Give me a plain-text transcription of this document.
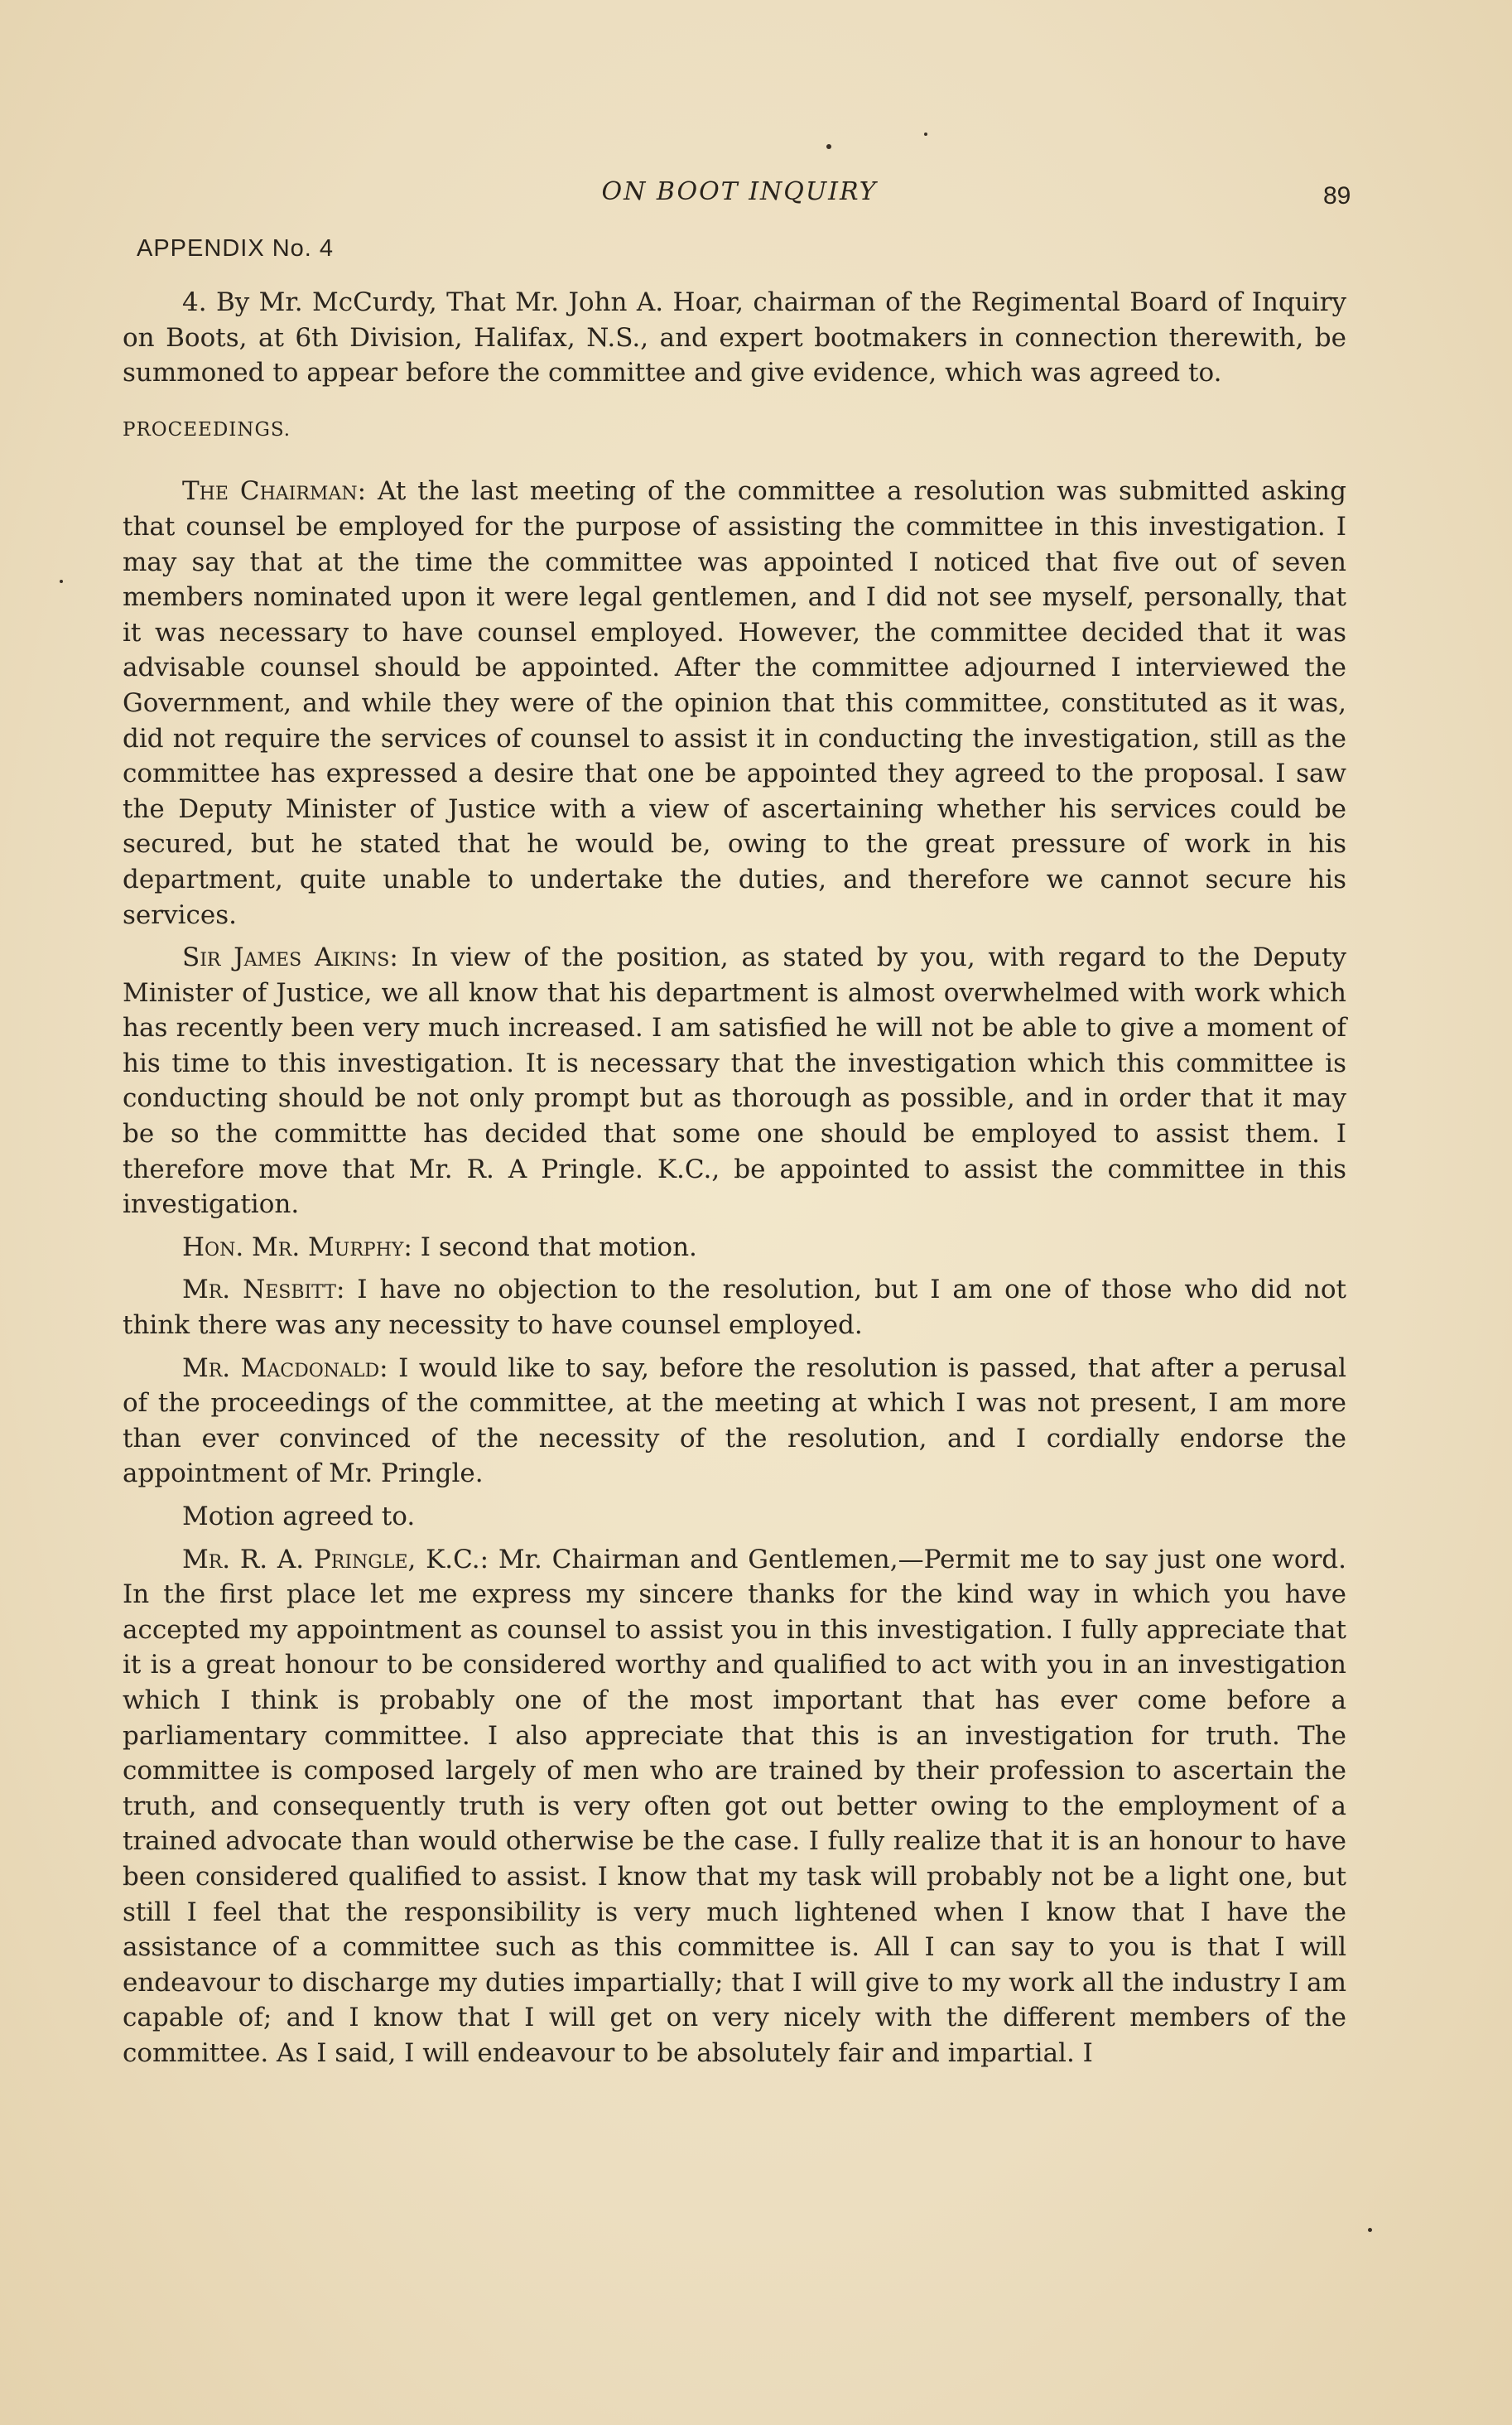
ON BOOT INQUIRY	89
APPENDIX No. 4

4. By Mr. McCurdy, That Mr. John A. Hoar, chairman of the Regimental Board of Inquiry on Boots, at 6th Division, Halifax, N.S., and expert bootmakers in connection therewith, be summoned to appear before the committee and give evidence, which was agreed to.

PROCEEDINGS.

The Chairman: At the last meeting of the committee a resolution was submitted asking that counsel be employed for the purpose of assisting the committee in this investigation. I may say that at the time the committee was appointed I noticed that five out of seven members nominated upon it were legal gentlemen, and I did not see myself, personally, that it was necessary to have counsel employed. However, the committee decided that it was advisable counsel should be appointed. After the committee adjourned I interviewed the Government, and while they were of the opinion that this committee, constituted as it was, did not require the services of counsel to assist it in conducting the investigation, still as the committee has expressed a desire that one be appointed they agreed to the proposal. I saw the Deputy Minister of Justice with a view of ascertaining whether his services could be secured, but he stated that he would be, owing to the great pressure of work in his department, quite unable to undertake the duties, and therefore we cannot secure his services.

Sir James Aikins: In view of the position, as stated by you, with regard to the Deputy Minister of Justice, we all know that his department is almost overwhelmed with work which has recently been very much increased. I am satisfied he will not be able to give a moment of his time to this investigation. It is necessary that the investigation which this committee is conducting should be not only prompt but as thorough as possible, and in order that it may be so the committte has decided that some one should be employed to assist them. I therefore move that Mr. R. A Pringle. K.C., be appointed to assist the committee in this investigation.

Hon. Mr. Murphy: I second that motion.

Mr. Nesbitt: I have no objection to the resolution, but I am one of those who did not think there was any necessity to have counsel employed.

Mr. Macdonald: I would like to say, before the resolution is passed, that after a perusal of the proceedings of the committee, at the meeting at which I was not present, I am more than ever convinced of the necessity of the resolution, and I cordially endorse the appointment of Mr. Pringle.

Motion agreed to.

Mr. R. A. Pringle, K.C.: Mr. Chairman and Gentlemen,—Permit me to say just one word. In the first place let me express my sincere thanks for the kind way in which you have accepted my appointment as counsel to assist you in this investigation. I fully appreciate that it is a great honour to be considered worthy and qualified to act with you in an investigation which I think is probably one of the most important that has ever come before a parliamentary committee. I also appreciate that this is an investigation for truth. The committee is composed largely of men who are trained by their profession to ascertain the truth, and consequently truth is very often got out better owing to the employment of a trained advocate than would otherwise be the case. I fully realize that it is an honour to have been considered qualified to assist. I know that my task will probably not be a light one, but still I feel that the responsibility is very much lightened when I know that I have the assistance of a committee such as this committee is. All I can say to you is that I will endeavour to discharge my duties impartially; that I will give to my work all the industry I am capable of; and I know that I will get on very nicely with the different members of the committee. As I said, I will endeavour to be absolutely fair and impartial. I
